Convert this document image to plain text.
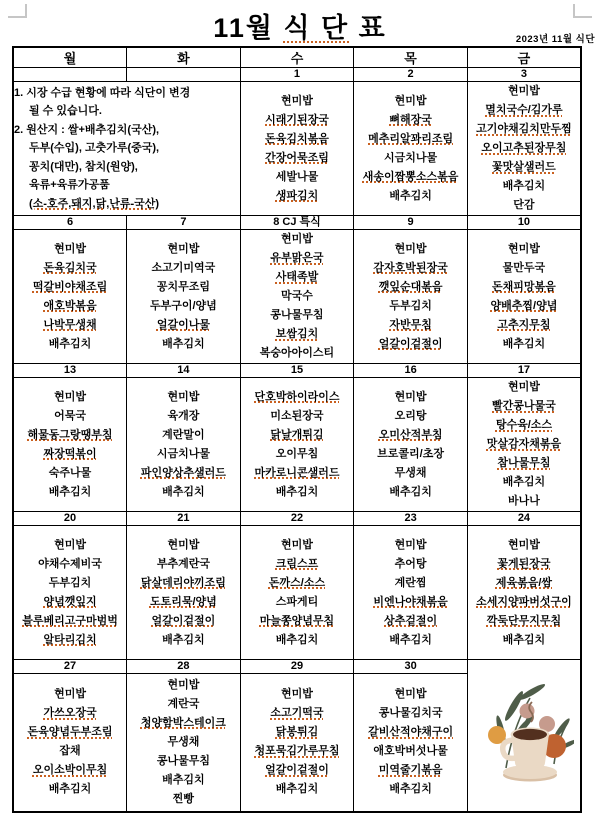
11월 식 단 표	2023년 11월 식단
월	화	수	목	금
		1	2	3

1. 시장 수급 현황에 따라 식단이 변경
될 수 있습니다.
2. 원산지 : 쌀+배추김치(국산),
두부(수입), 고춧가루(중국),
꽁치(대만), 참치(원양),
육류+육류가공품
(소-호주,돼지,닭,난류-국산)

현미밥
시래기된장국
돈육김치볶음
간장어묵조림
세발나물
생파김치

현미밥
뼈해장국
메추리알꽈리조림
시금치나물
새송이짬뽕소스볶음
배추김치

현미밥
멸치국수/김가루
고기야채김치만두찜
오이고추된장무침
꽃맛살샐러드
배추김치
단감

6	7	8 CJ 특식	9	10

현미밥
돈육김치국
떡갈비야채조림
애호박볶음
나박무생채
배추김치

현미밥
소고기미역국
꽁치무조림
두부구이/양념
얼갈이나물
배추김치

현미밥
유부맑은국
사태족발
막국수
콩나물무침
보쌈김치
복숭아아이스티

현미밥
감자호박된장국
깻잎순대볶음
두부김치
자반무침
얼갈이겉절이

현미밥
물만두국
돈채피망볶음
양배추찜/양념
고추지무침
배추김치

13	14	15	16	17

현미밥
어묵국
해물동그랑땡부침
짜장떡볶이
숙주나물
배추김치

현미밥
육개장
계란말이
시금치나물
파인양상추샐러드
배추김치

단호박하이라이스
미소된장국
닭날개튀김
오이무침
마카로니콘샐러드
배추김치

현미밥
오리탕
오미산적부침
브로콜리/초장
무생채
배추김치

현미밥
빨간콩나물국
탕수육/소스
맛살감자채볶음
참나물무침
배추김치
바나나

20	21	22	23	24

현미밥
야채수제비국
두부김치
양념깻잎지
블루베리고구마범벅
알타리김치

현미밥
부추계란국
닭살데리야끼조림
도토리묵/양념
얼갈이겉절이
배추김치

현미밥
크림스프
돈까스/소스
스파게티
마늘쫑양념무침
배추김치

현미밥
추어탕
계란찜
비엔나야채볶음
상추겉절이
배추김치

현미밥
꽃게된장국
제육볶음/쌈
소세지양파버섯구이
깍둑단무지무침
배추김치

27	28	29	30	

현미밥
가쓰오장국
돈육양념두부조림
잡채
오이소박이무침
배추김치

현미밥
계란국
청양함박스테이크
무생채
콩나물무침
배추김치
찐빵

현미밥
소고기떡국
닭봉튀김
청포묵김가루무침
얼갈이겉절이
배추김치

현미밥
콩나물김치국
갈비산적야채구이
애호박버섯나물
미역줄기볶음
배추김치
